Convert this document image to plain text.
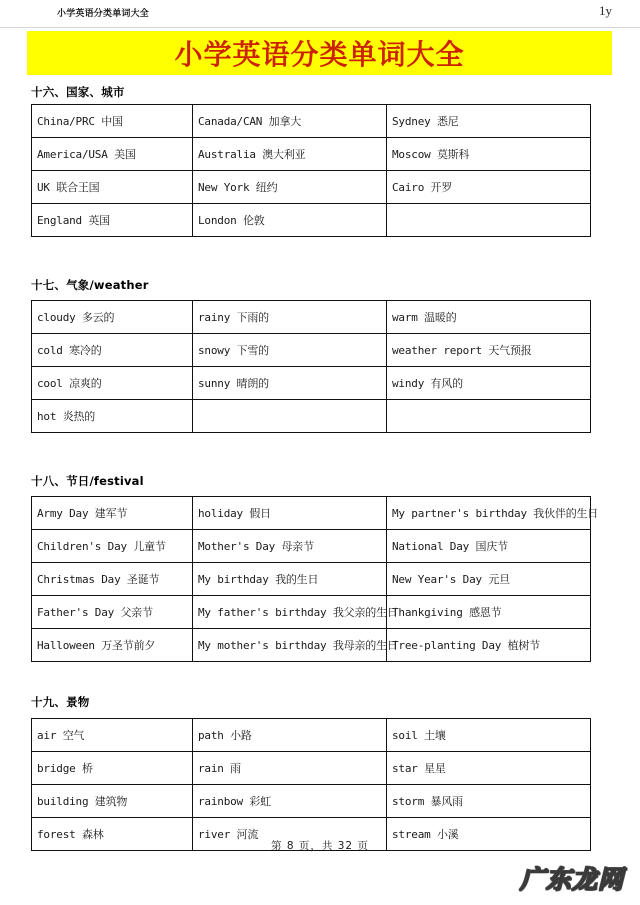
小学英语分类单词大全	1y
小学英语分类单词大全
十六、国家、城市
China/PRC 中国	Canada/CAN 加拿大	Sydney 悉尼

America/USA 美国	Australia 澳大利亚	Moscow 莫斯科

UK 联合王国	New York 纽约	Cairo 开罗

England 英国	London 伦敦	

十七、气象/weather
cloudy 多云的	rainy 下雨的	warm 温暖的

cold 寒冷的	snowy 下雪的	weather report 天气预报

cool 凉爽的	sunny 晴朗的	windy 有风的

hot 炎热的		

十八、节日/festival
Army Day 建军节	holiday 假日	My partner's birthday 我伙伴的生日

Children's Day 儿童节	Mother's Day 母亲节	National Day 国庆节

Christmas Day 圣诞节	My birthday 我的生日	New Year's Day 元旦

Father's Day 父亲节	My father's birthday 我父亲的生日	Thankgiving 感恩节

Halloween 万圣节前夕	My mother's birthday 我母亲的生日	Tree-planting Day 植树节
十九、景物
air 空气	path 小路	soil 土壤

bridge 桥	rain 雨	star 星星

building 建筑物	rainbow 彩虹	storm 暴风雨

forest 森林	river 河流	stream 小溪
第 8 页，共 32 页
广东龙网
